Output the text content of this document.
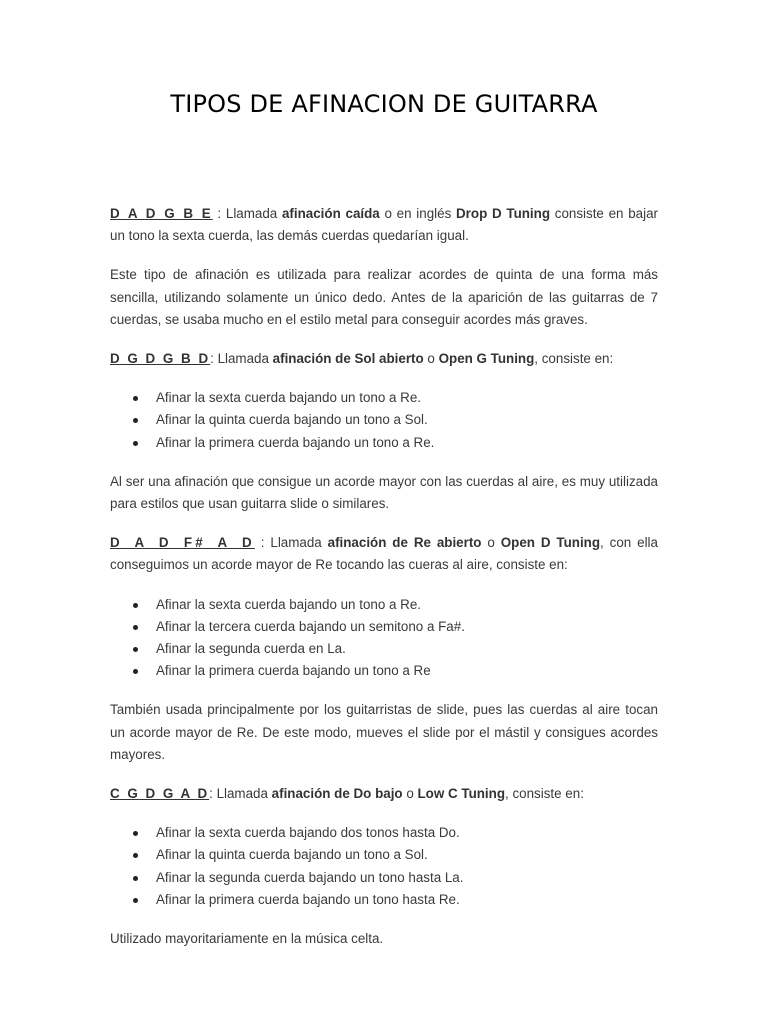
TIPOS DE AFINACION DE GUITARRA

D A D G B E : Llamada afinación caída o en inglés Drop D Tuning consiste en bajar un tono la sexta cuerda, las demás cuerdas quedarían igual.

Este tipo de afinación es utilizada para realizar acordes de quinta de una forma más sencilla, utilizando solamente un único dedo. Antes de la aparición de las guitarras de 7 cuerdas, se usaba mucho en el estilo metal para conseguir acordes más graves.

D G D G B D: Llamada afinación de Sol abierto o Open G Tuning, consiste en:

Afinar la sexta cuerda bajando un tono a Re.
Afinar la quinta cuerda bajando un tono a Sol.
Afinar la primera cuerda bajando un tono a Re.

Al ser una afinación que consigue un acorde mayor con las cuerdas al aire, es muy utilizada para estilos que usan guitarra slide o similares.

D A D F# A D : Llamada afinación de Re abierto o Open D Tuning, con ella conseguimos un acorde mayor de Re tocando las cueras al aire, consiste en:

Afinar la sexta cuerda bajando un tono a Re.
Afinar la tercera cuerda bajando un semitono a Fa#.
Afinar la segunda cuerda en La.
Afinar la primera cuerda bajando un tono a Re

También usada principalmente por los guitarristas de slide, pues las cuerdas al aire tocan un acorde mayor de Re. De este modo, mueves el slide por el mástil y consigues acordes mayores.

C G D G A D: Llamada afinación de Do bajo o Low C Tuning, consiste en:

Afinar la sexta cuerda bajando dos tonos hasta Do.
Afinar la quinta cuerda bajando un tono a Sol.
Afinar la segunda cuerda bajando un tono hasta La.
Afinar la primera cuerda bajando un tono hasta Re.

Utilizado mayoritariamente en la música celta.
